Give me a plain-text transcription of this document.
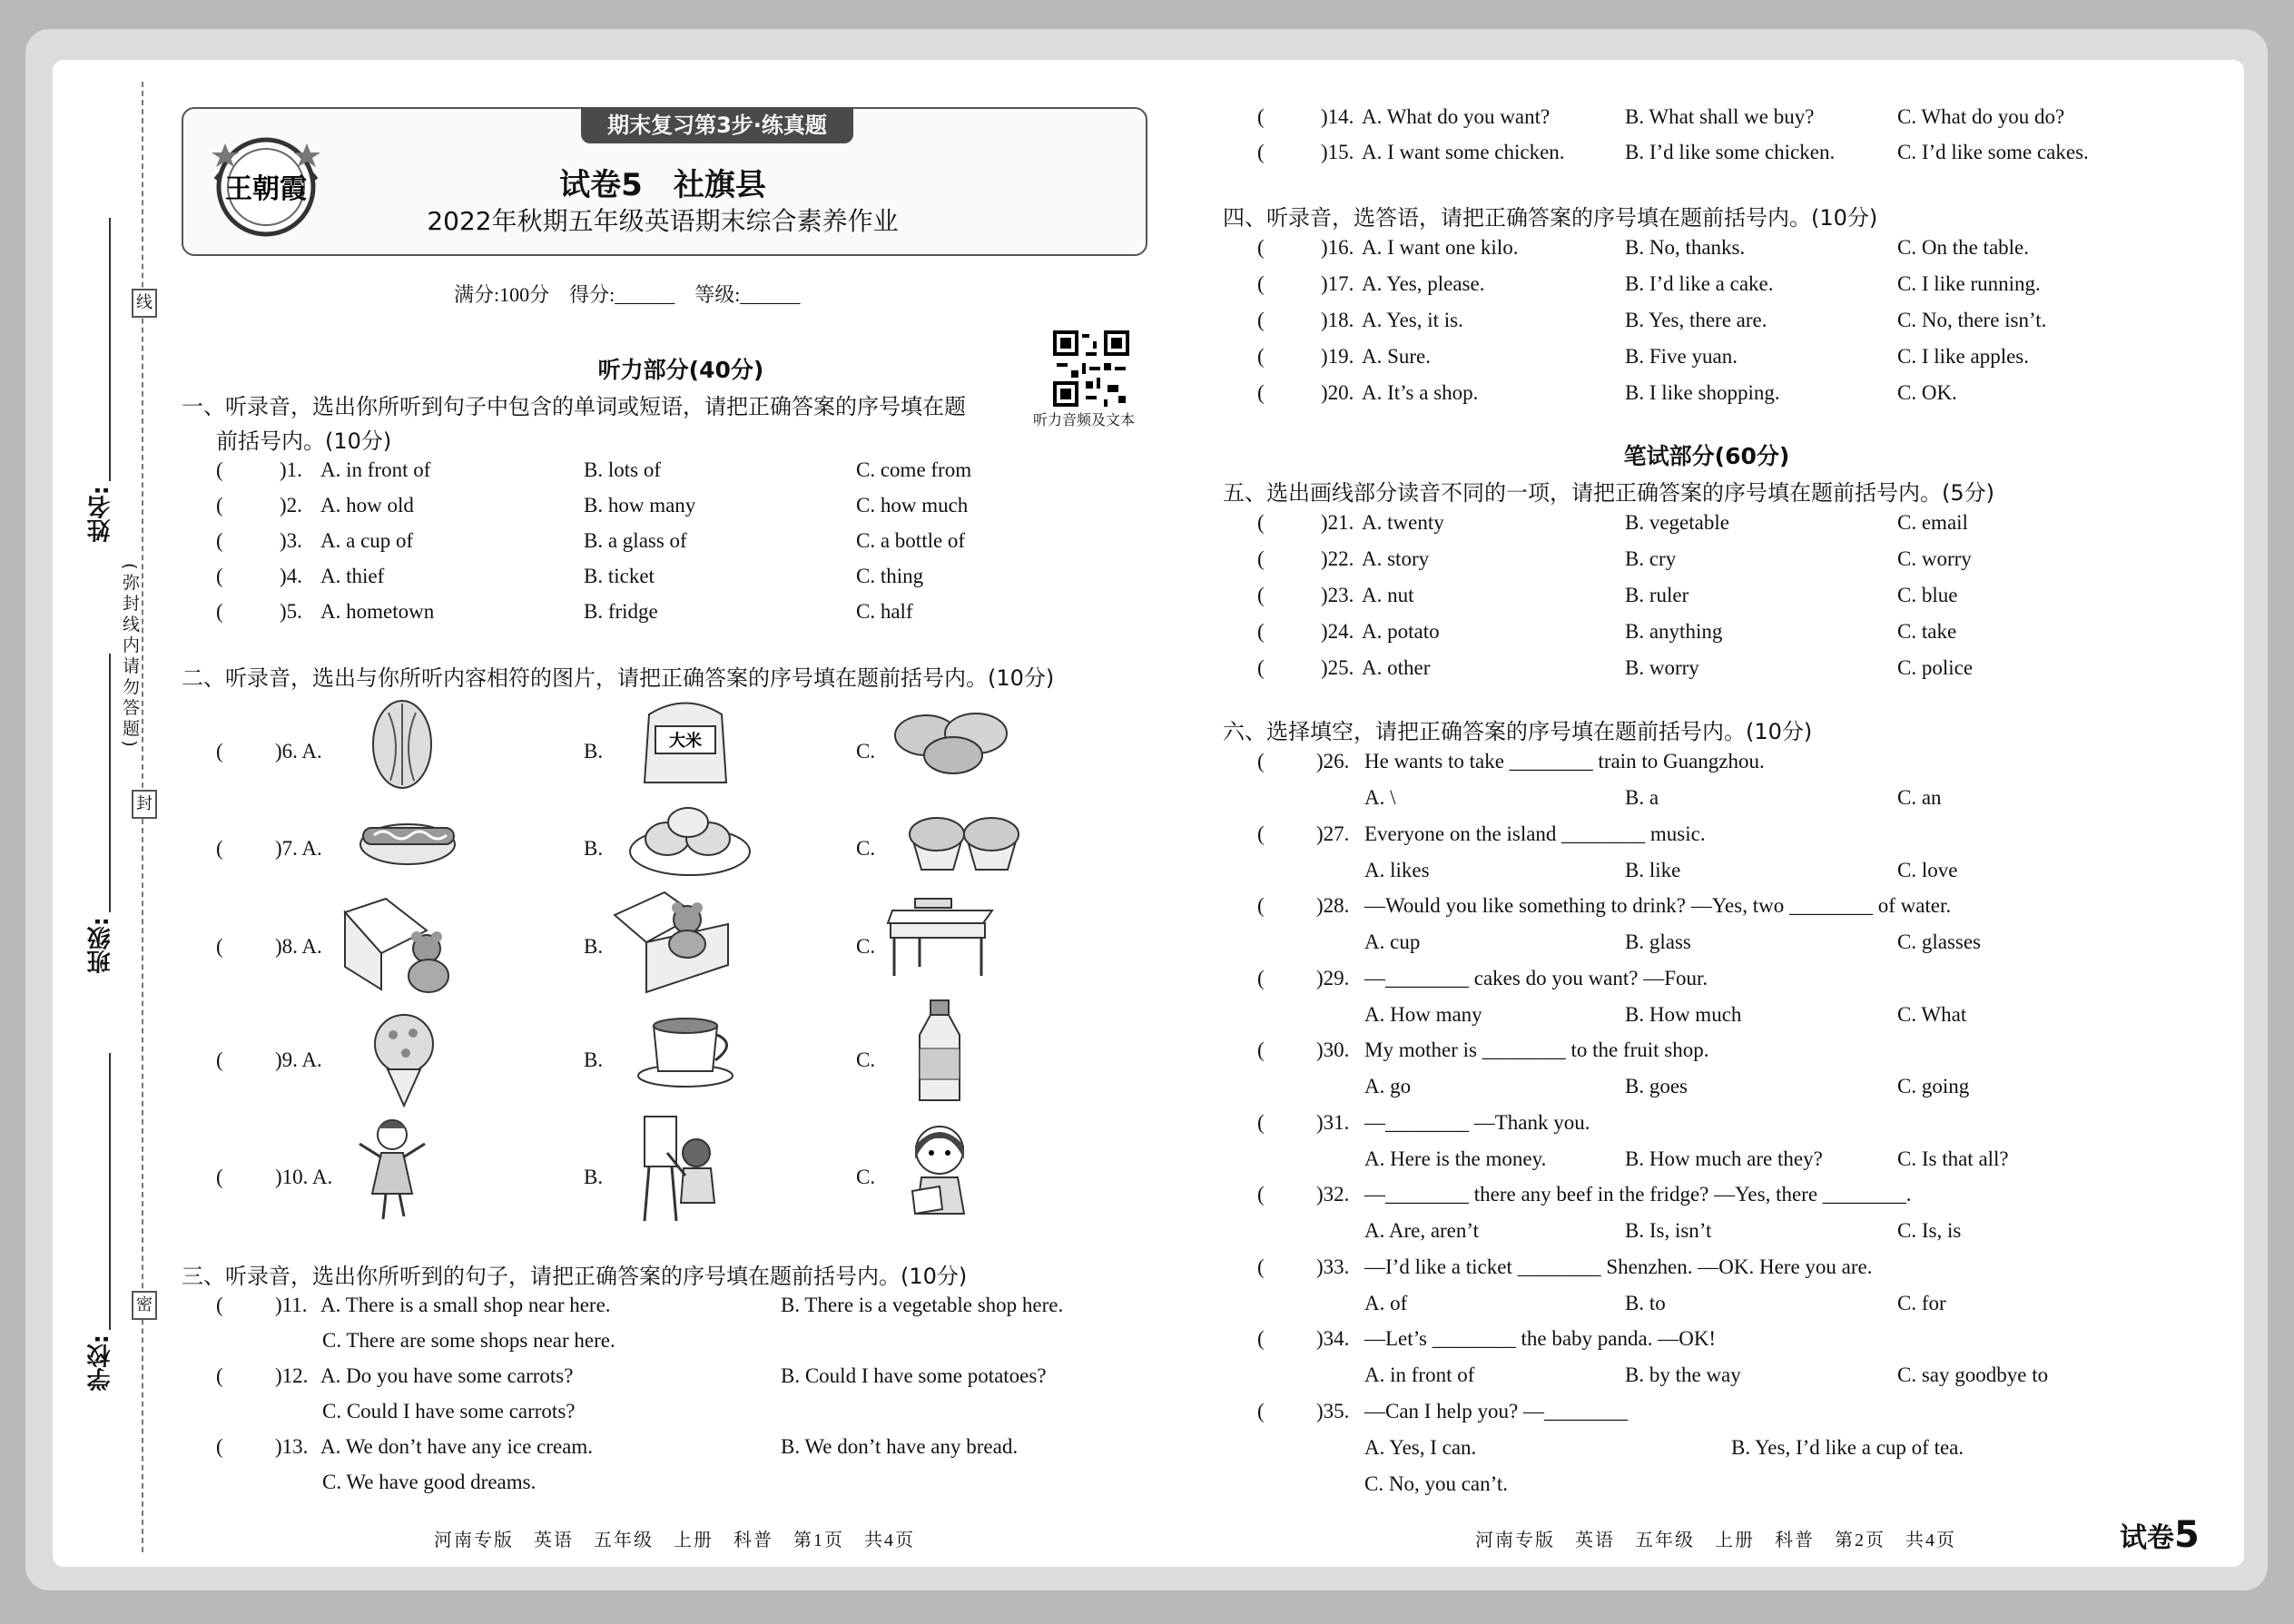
线
封
密
(弥封线内请勿答题)
姓名:
班级:
学校:
王朝霞
期末复习第3步·练真题
试卷5　社旗县
2022年秋期五年级英语期末综合素养作业
满分:100分　得分:______　等级:______
听力音频及文本
听力部分(40分)
一、听录音，选出你所听到句子中包含的单词或短语，请把正确答案的序号填在题
前括号内。(10分)
(	)1. A. in front of	B. lots of	C. come from
(	)2. A. how old	B. how many	C. how much
(	)3. A. a cup of	B. a glass of	C. a bottle of
(	)4. A. thief	B. ticket	C. thing
(	)5. A. hometown	B. fridge	C. half
二、听录音，选出与你所听内容相符的图片，请把正确答案的序号填在题前括号内。(10分)
( )6. A.	B.	C.
( )7. A.	B.	C.
( )8. A.	B.	C.
( )9. A.	B.	C.
( )10. A.	B.	C.
大米
三、听录音，选出你所听到的句子，请把正确答案的序号填在题前括号内。(10分)
( )11. A. There is a small shop near here.	B. There is a vegetable shop here.
C. There are some shops near here.
( )12. A. Do you have some carrots?	B. Could I have some potatoes?
C. Could I have some carrots?
( )13. A. We don’t have any ice cream.	B. We don’t have any bread.
C. We have good dreams.
(	)14. A. What do you want?	B. What shall we buy?	C. What do you do?
(	)15. A. I want some chicken.	B. I’d like some chicken.	C. I’d like some cakes.
四、听录音，选答语，请把正确答案的序号填在题前括号内。(10分)
(	)16. A. I want one kilo.	B. No, thanks.	C. On the table.
(	)17. A. Yes, please.	B. I’d like a cake.	C. I like running.
(	)18. A. Yes, it is.	B. Yes, there are.	C. No, there isn’t.
(	)19. A. Sure.	B. Five yuan.	C. I like apples.
(	)20. A. It’s a shop.	B. I like shopping.	C. OK.
笔试部分(60分)
五、选出画线部分读音不同的一项，请把正确答案的序号填在题前括号内。(5分)
(	)21. A. twenty	B. vegetable	C. email
(	)22. A. story	B. cry	C. worry
(	)23. A. nut	B. ruler	C. blue
(	)24. A. potato	B. anything	C. take
(	)25. A. other	B. worry	C. police
六、选择填空，请把正确答案的序号填在题前括号内。(10分)
( )26. He wants to take ________ train to Guangzhou.
A. \	B. a	C. an
( )27. Everyone on the island ________ music.
A. likes	B. like	C. love
( )28. —Would you like something to drink? —Yes, two ________ of water.
A. cup	B. glass	C. glasses
( )29. —________ cakes do you want? —Four.
A. How many	B. How much	C. What
( )30. My mother is ________ to the fruit shop.
A. go	B. goes	C. going
( )31. —________ —Thank you.
A. Here is the money.	B. How much are they?	C. Is that all?
( )32. —________ there any beef in the fridge? —Yes, there ________.
A. Are, aren’t	B. Is, isn’t	C. Is, is
( )33. —I’d like a ticket ________ Shenzhen. —OK. Here you are.
A. of	B. to	C. for
( )34. —Let’s ________ the baby panda. —OK!
A. in front of	B. by the way	C. say goodbye to
( )35. —Can I help you? —________
A. Yes, I can.	B. Yes, I’d like a cup of tea.
C. No, you can’t.
河南专版　英语　五年级　上册　科普　第1页　共4页	河南专版　英语　五年级　上册　科普　第2页　共4页	试卷5
